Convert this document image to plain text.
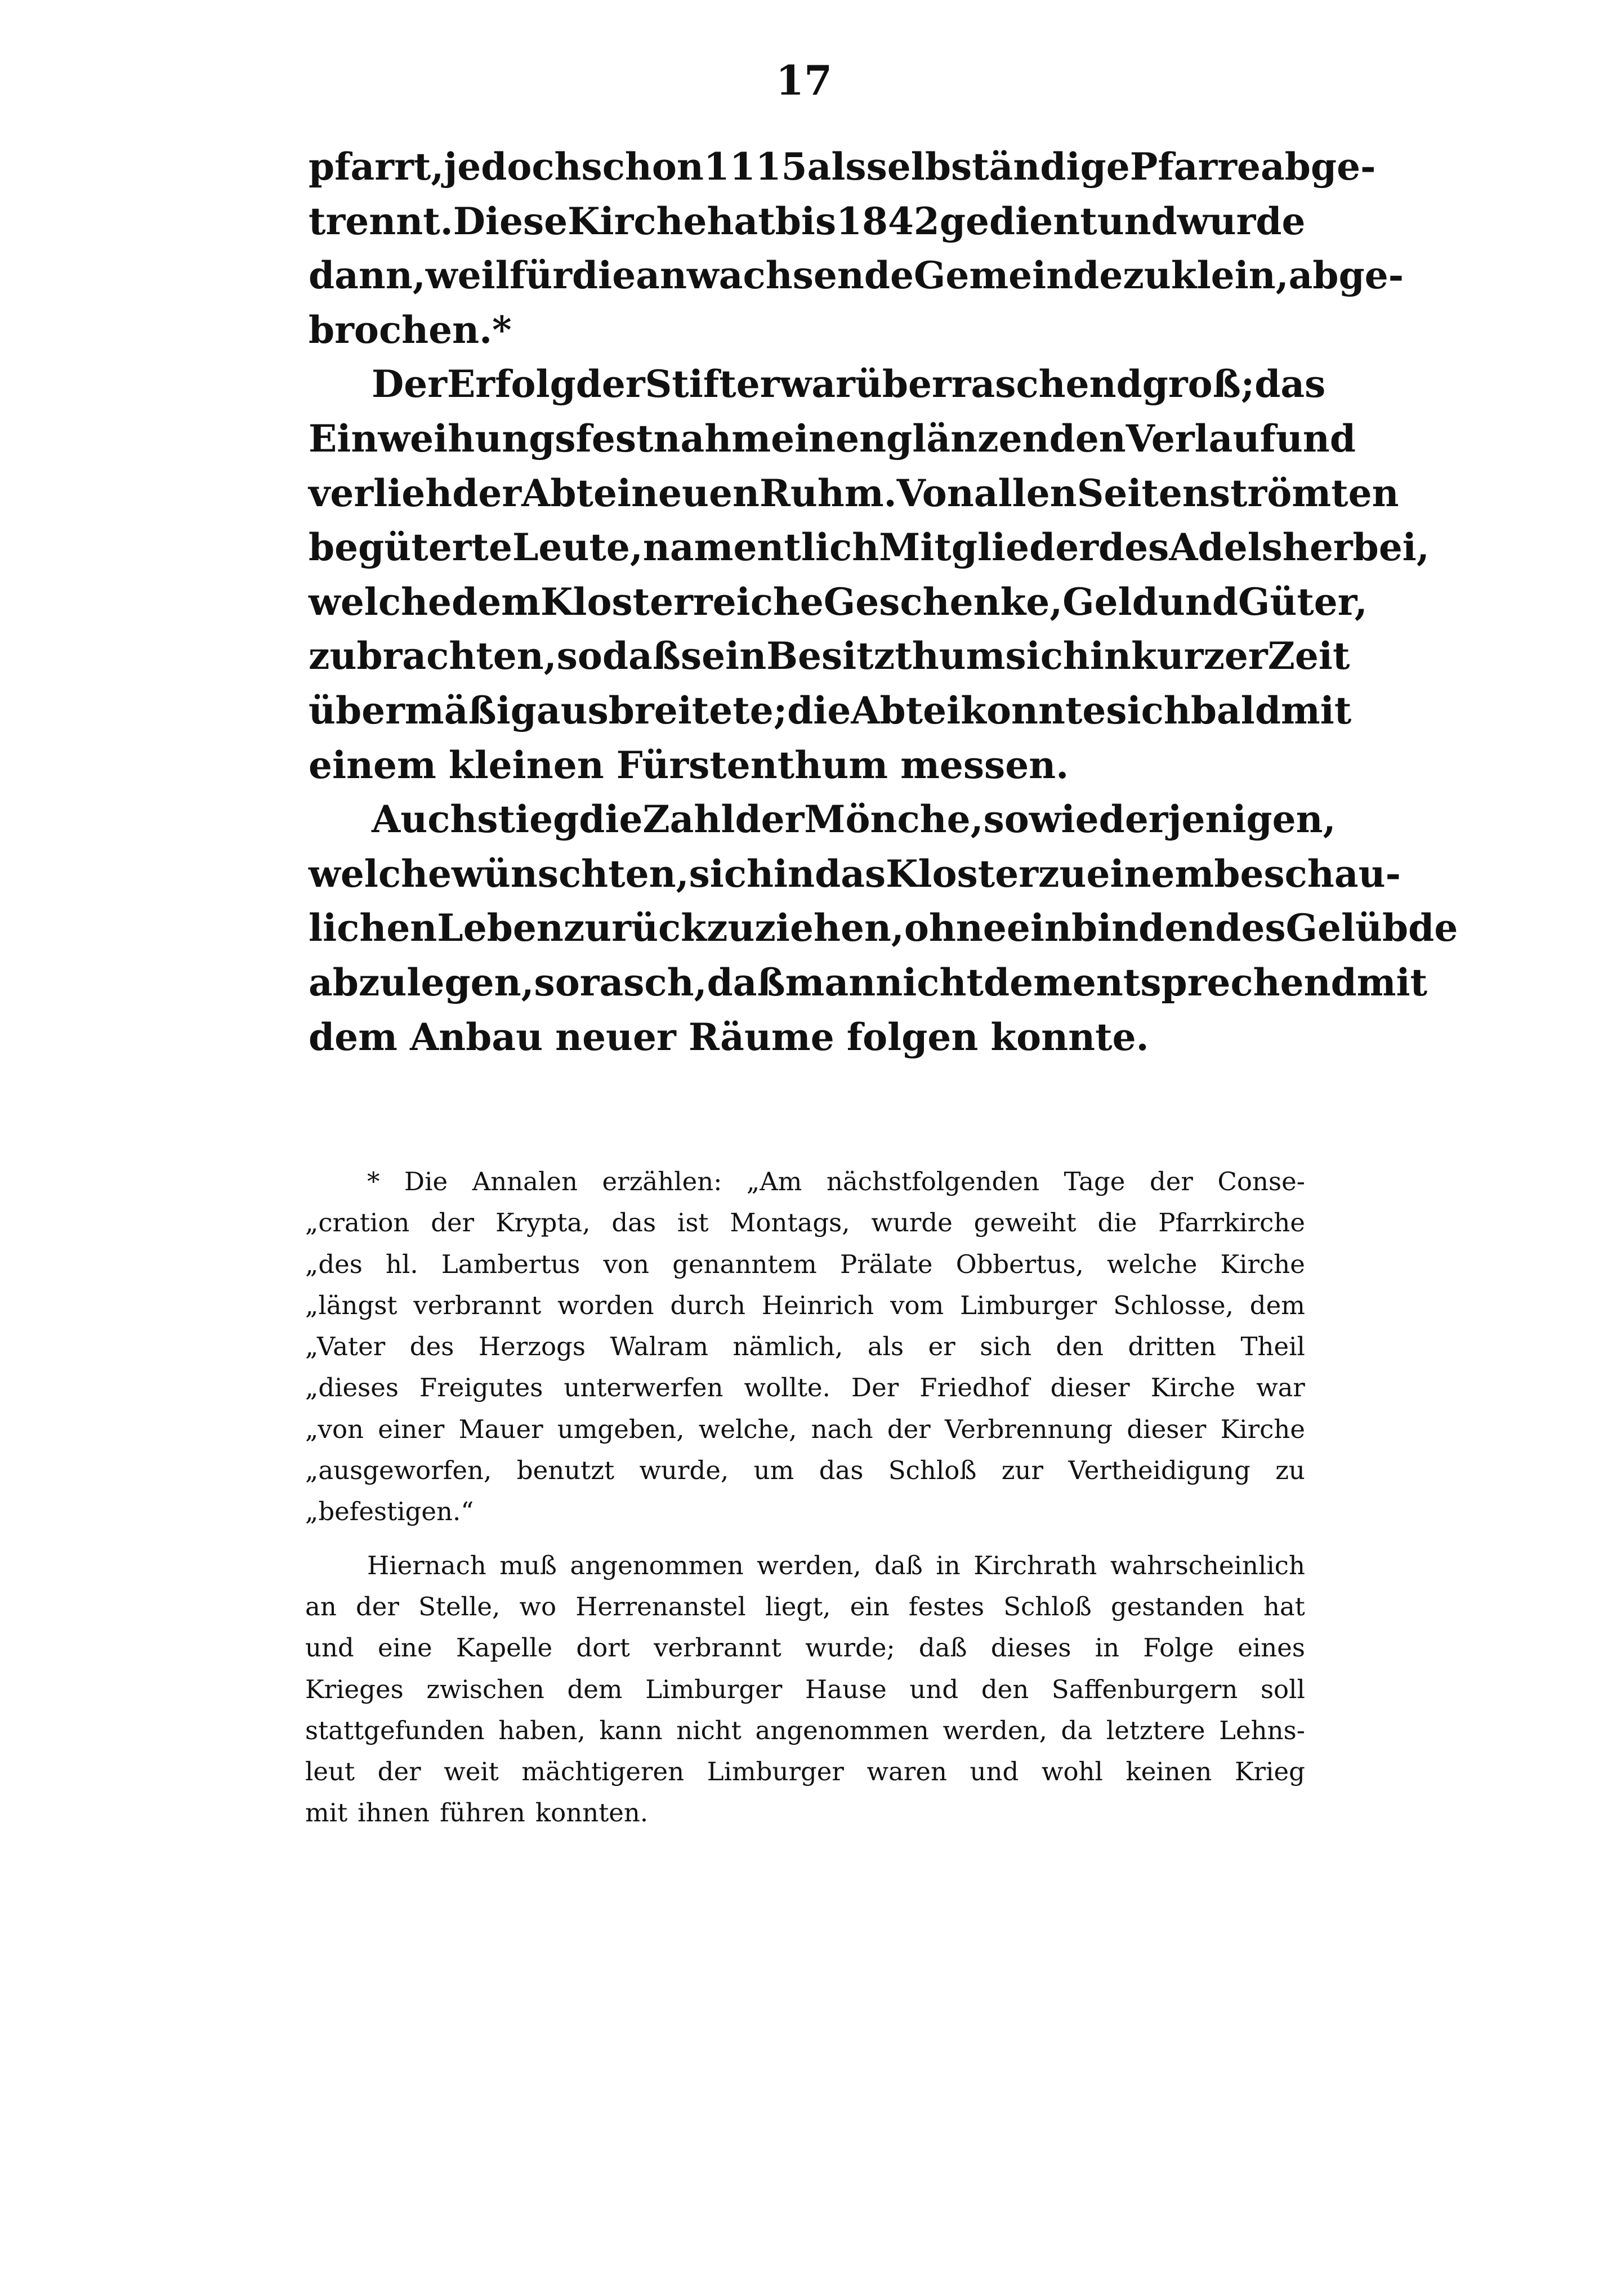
17
pfarrt, jedoch schon 1115 als selbständige Pfarre abge-
trennt. Diese Kirche hat bis 1842 gedient und wurde
dann, weil für die anwachsende Gemeinde zu klein, abge-
brochen.*
Der Erfolg der Stifter war überraschend groß; das
Einweihungsfest nahm einen glänzenden Verlauf und
verlieh der Abtei neuen Ruhm. Von allen Seiten strömten
begüterte Leute, namentlich Mitglieder des Adels herbei,
welche dem Kloster reiche Geschenke, Geld und Güter,
zubrachten, so daß sein Besitzthum sich in kurzer Zeit
übermäßig ausbreitete; die Abtei konnte sich bald mit
einem kleinen Fürstenthum messen.
Auch stieg die Zahl der Mönche, sowie derjenigen,
welche wünschten, sich in das Kloster zu einem beschau-
lichen Leben zurückzuziehen, ohne ein bindendes Gelübde
abzulegen, so rasch, daß man nicht dementsprechend mit
dem Anbau neuer Räume folgen konnte.
* Die Annalen erzählen: „Am nächstfolgenden Tage der Conse-
„cration der Krypta, das ist Montags, wurde geweiht die Pfarrkirche
„des hl. Lambertus von genanntem Prälate Obbertus, welche Kirche
„längst verbrannt worden durch Heinrich vom Limburger Schlosse, dem
„Vater des Herzogs Walram nämlich, als er sich den dritten Theil
„dieses Freigutes unterwerfen wollte. Der Friedhof dieser Kirche war
„von einer Mauer umgeben, welche, nach der Verbrennung dieser Kirche
„ausgeworfen, benutzt wurde, um das Schloß zur Vertheidigung zu
„befestigen.“
Hiernach muß angenommen werden, daß in Kirchrath wahrscheinlich
an der Stelle, wo Herrenanstel liegt, ein festes Schloß gestanden hat
und eine Kapelle dort verbrannt wurde; daß dieses in Folge eines
Krieges zwischen dem Limburger Hause und den Saffenburgern soll
stattgefunden haben, kann nicht angenommen werden, da letztere Lehns-
leut der weit mächtigeren Limburger waren und wohl keinen Krieg
mit ihnen führen konnten.
